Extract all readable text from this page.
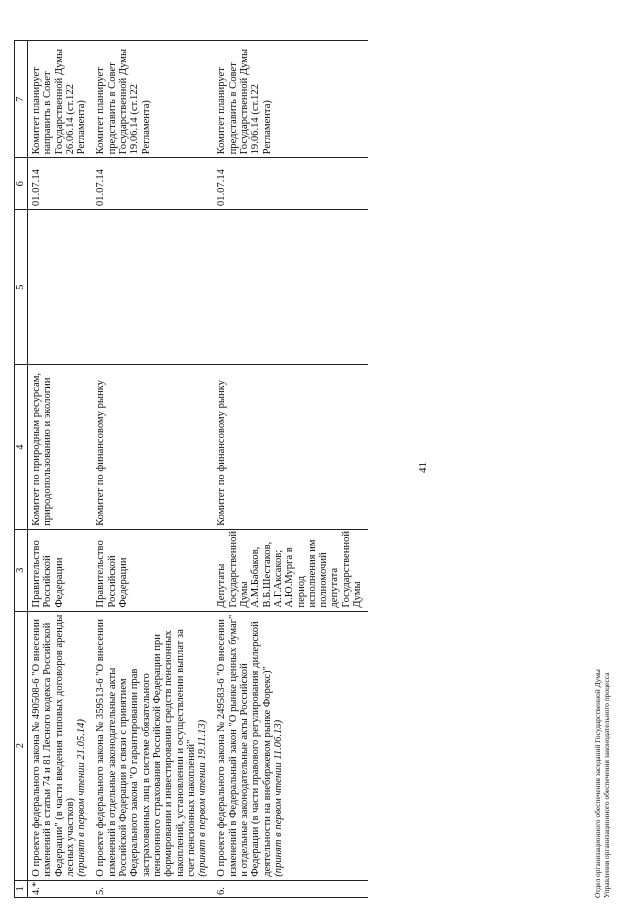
41
1	2	3	4	5	6	7
4.*	О проекте федерального закона № 490508-6 "О внесении изменений в статьи 74 и 81 Лесного кодекса Российской Федерации" (в части введения типовых договоров аренды лесных участков) (принят в первом чтении 21.05.14)	Правительство Российской Федерации	Комитет по природным ресурсам, природопользованию и экологии		01.07.14	Комитет планирует направить в Совет Государственной Думы 26.06.14 (ст.122 Регламента)
5.	О проекте федерального закона № 359513-6 "О внесении изменений в отдельные законодательные акты Российской Федерации в связи с принятием Федерального закона "О гарантировании прав застрахованных лиц в системе обязательного пенсионного страхования Российской Федерации при формировании и инвестировании средств пенсионных накоплений, установлении и осуществлении выплат за счет пенсионных накоплений" (принят в первом чтении 19.11.13)	Правительство Российской Федерации	Комитет по финансовому рынку		01.07.14	Комитет планирует представить в Совет Государственной Думы 19.06.14 (ст.122 Регламента)
6.	О проекте федерального закона № 249583-6 "О внесении изменений в Федеральный закон "О рынке ценных бумаг" и отдельные законодательные акты Российской Федерации (в части правового регулирования дилерской деятельности на внебиржевом рынке Форекс)" (принят в первом чтении 11.06.13)	Депутаты Государственной Думы А.М.Бабаков, В.Б.Шестаков, А.Г.Аксаков; А.Ю.Мурга в период исполнения им полномочий депутата Государственной Думы	Комитет по финансовому рынку		01.07.14	Комитет планирует представить в Совет Государственной Думы 19.06.14 (ст.122 Регламента)
Отдел организационного обеспечения заседаний Государственной Думы Управления организационного обеспечения законодательного процесса
